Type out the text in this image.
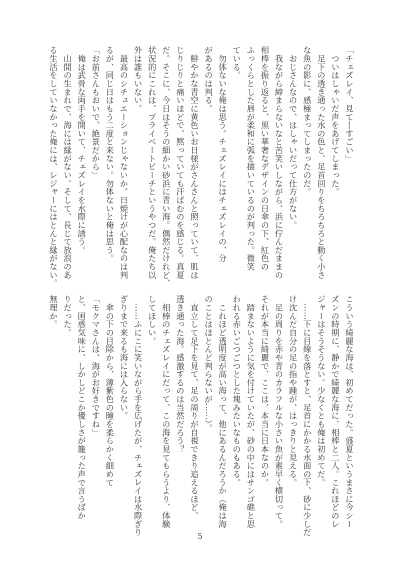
「チェズレイ、見て―すごい」
　ついはしゃいだ声をあげてしまった。
　足下の透き通った水の色と、足首回りをちろちろと動く小さ
な魚の影に、感極まってしまったのだ。
　おじさんなので、はしゃいだって仕方がない。
　我ながら締まらないなと苦笑いしながら、浜に佇んだままの
相棒を振り返ると、黒い華奢なデザインの日傘の下、紅色の
ふっくらとした唇が柔和に弧を描いているのが判った。微笑
ている。
　勿体ないな俺は思う。チェズレイにはチェズレイの、分
があるのは判る。
　鮮やかな青空に黄色いお日様がさんさんと照っていて、肌は
じりじりと痛いほどで、黙っていても汗ばむのを感じる。真夏
だ。そこに、今日はそうの細かい砂浜に青い海。偶然だけれど、
状況的にこれは、プライベートビーチというやつだ。俺たち以
外は誰もいない。
　最高のシチュエーションじゃないか。日焼けが心配なのは判
るが、同じ日はもう二度と来ない。勿体ないと俺は思う。
「お前さんもおいで、絶景だから」
　俺は武骨な両手を開いて、チェズレイを水際に誘う。
　山間の生まれで、海には縁がない。そして、長じて放浪のあ
る生活をしていなかった俺には、レジャーにはとんと縁がない。
こういう綺麗な海は、初めてだった。盛夏というまさに今シー
ズンの時期に、静かで綺麗な海に、相棒と二人。これほどのレ
ジャーはそうそうない。少なくとも俺は初めてだ。
　……下に目線を落とすと、足首にかかる水面の下、砂に少しだ
け沈んだ自分の足の指や踵が、はっきりと見える。
　足の周りを赤や青のカラフルな小さい魚が素早く横切って。
それが本当に綺麗で、ここは、本当に日本なのか。
　踏まないように気を付けていたが、砂の中にはサンゴ礁と思
われる赤いごつごつとした塊みたいなものもある。
　これほど透明度が高い海って、他にあるんだろうか（俺は海
のことはほとんど判らないが……）。
　直立して足下を見て、足の周りが自視できり追えるほど、
透き通った海。感激するのは当然だろう？
　相棒のチェズレイにだって、この海を見てもらうより、体験
してほしい。
　……ふにこに笑いながら手を広げたが、チェズレイは水際ぎり
ぎりまで来るも海には入らない。
　傘の下の目除から、薄紫色の瞳を柔らかく細めて
「モクマさんは、海がお好きですね」
と、困惑気味に、しかしどこか優しさが籠った声で言うばか
りだった。
無理か。
5
